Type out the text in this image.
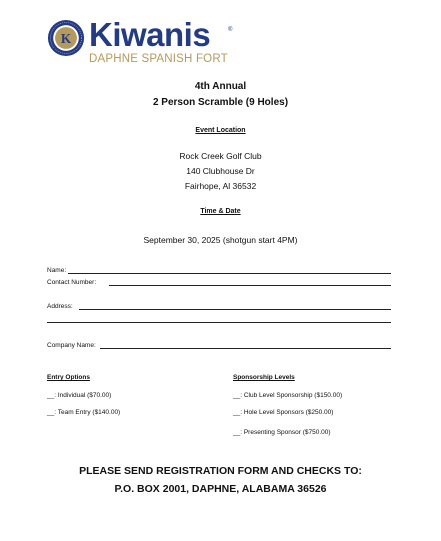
K Kiwanis	®
DAPHNE SPANISH FORT
4th Annual
2 Person Scramble (9 Holes)
Event Location
Rock Creek Golf Club
140 Clubhouse Dr
Fairhope, Al 36532
Time & Date
September 30, 2025 (shotgun start 4PM)
Name:
Contact Number:
Address:
Company Name:
Entry Options
__: Individual ($70.00)
__: Team Entry ($140.00)
Sponsorship Levels
__: Club Level Sponsorship ($150.00)
__: Hole Level Sponsors ($250.00)
__: Presenting Sponsor ($750.00)
PLEASE SEND REGISTRATION FORM AND CHECKS TO:
P.O. BOX 2001, DAPHNE, ALABAMA 36526
